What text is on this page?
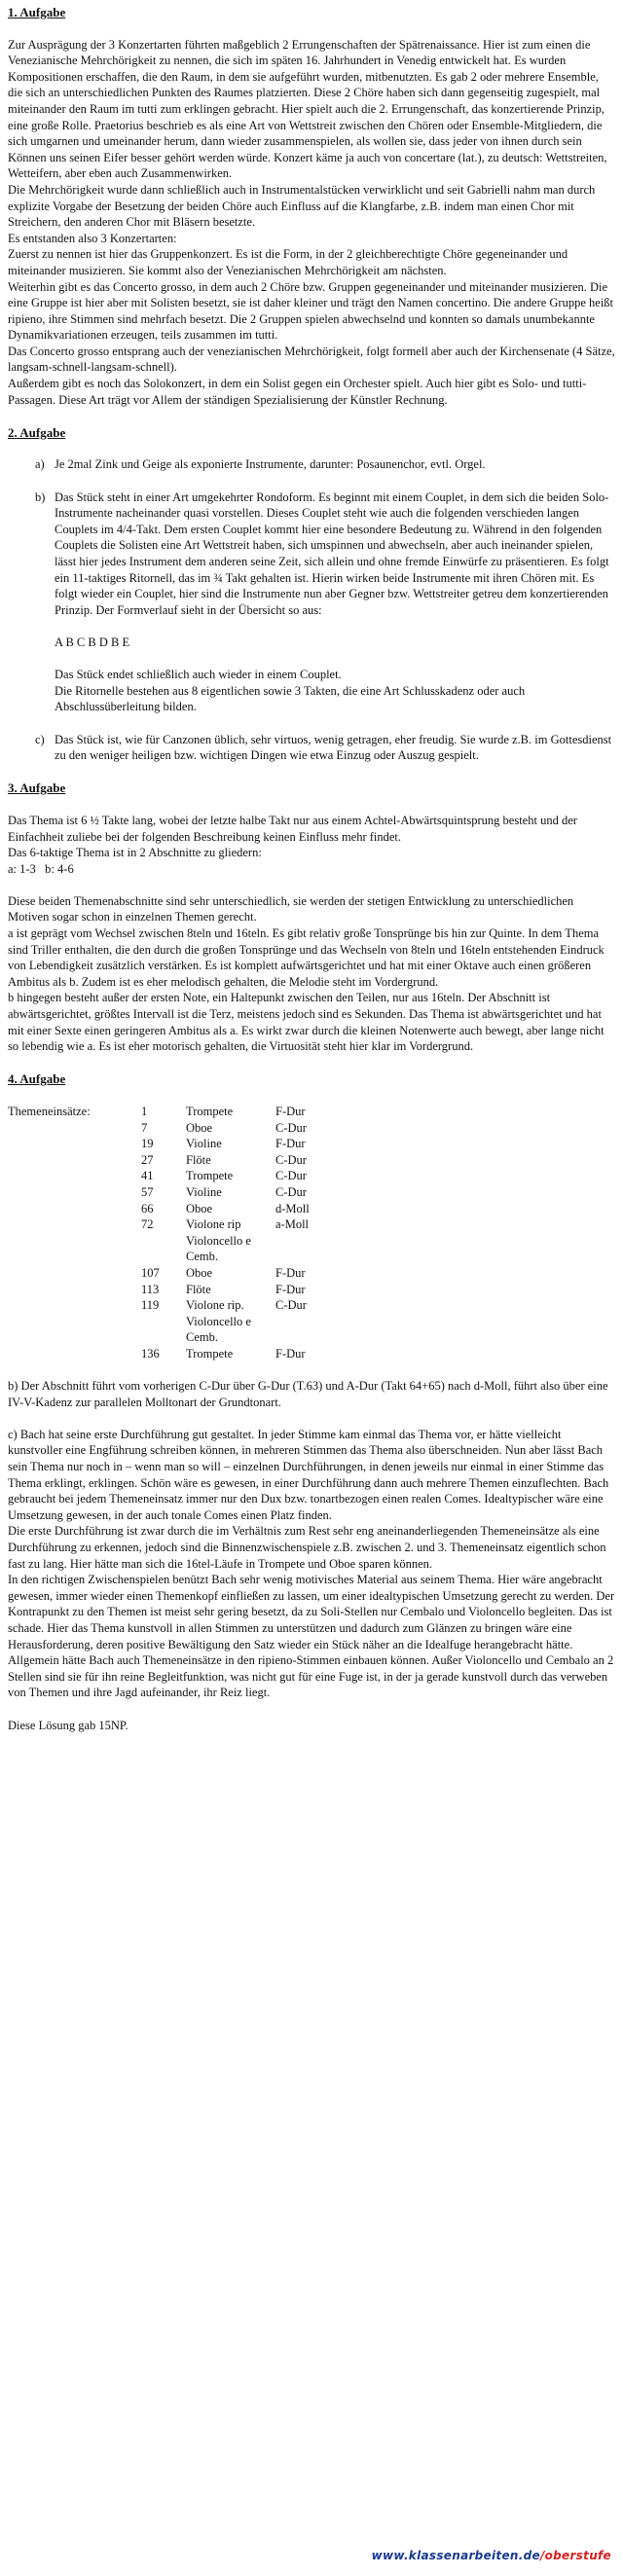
1. Aufgabe

Zur Ausprägung der 3 Konzertarten führten maßgeblich 2 Errungenschaften der Spätrenaissance. Hier ist zum einen die Venezianische Mehrchörigkeit zu nennen, die sich im späten 16. Jahrhundert in Venedig entwickelt hat. Es wurden Kompositionen erschaffen, die den Raum, in dem sie aufgeführt wurden, mitbenutzten. Es gab 2 oder mehrere Ensemble, die sich an unterschiedlichen Punkten des Raumes platzierten. Diese 2 Chöre haben sich dann gegenseitig zugespielt, mal miteinander den Raum im tutti zum erklingen gebracht. Hier spielt auch die 2. Errungenschaft, das konzertierende Prinzip, eine große Rolle. Praetorius beschrieb es als eine Art von Wettstreit zwischen den Chören oder Ensemble-Mitgliedern, die sich umgarnen und umeinander herum, dann wieder zusammenspielen, als wollen sie, dass jeder von ihnen durch sein Können uns seinen Eifer besser gehört werden würde. Konzert käme ja auch von concertare (lat.), zu deutsch: Wettstreiten, Wetteifern, aber eben auch Zusammenwirken.

Die Mehrchörigkeit wurde dann schließlich auch in Instrumentalstücken verwirklicht und seit Gabrielli nahm man durch explizite Vorgabe der Besetzung der beiden Chöre auch Einfluss auf die Klangfarbe, z.B. indem man einen Chor mit Streichern, den anderen Chor mit Bläsern besetzte.

Es entstanden also 3 Konzertarten:

Zuerst zu nennen ist hier das Gruppenkonzert. Es ist die Form, in der 2 gleichberechtigte Chöre gegeneinander und miteinander musizieren. Sie kommt also der Venezianischen Mehrchörigkeit am nächsten.

Weiterhin gibt es das Concerto grosso, in dem auch 2 Chöre bzw. Gruppen gegeneinander und miteinander musizieren. Die eine Gruppe ist hier aber mit Solisten besetzt, sie ist daher kleiner und trägt den Namen concertino. Die andere Gruppe heißt ripieno, ihre Stimmen sind mehrfach besetzt. Die 2 Gruppen spielen abwechselnd und konnten so damals unumbekannte Dynamikvariationen erzeugen, teils zusammen im tutti.

Das Concerto grosso entsprang auch der venezianischen Mehrchörigkeit, folgt formell aber auch der Kirchensenate (4 Sätze, langsam-schnell-langsam-schnell).

Außerdem gibt es noch das Solokonzert, in dem ein Solist gegen ein Orchester spielt. Auch hier gibt es Solo- und tutti-Passagen. Diese Art trägt vor Allem der ständigen Spezialisierung der Künstler Rechnung.

2. Aufgabe

a) Je 2mal Zink und Geige als exponierte Instrumente, darunter: Posaunenchor, evtl. Orgel.
b) Das Stück steht in einer Art umgekehrter Rondoform. Es beginnt mit einem Couplet, in dem sich die beiden Solo-Instrumente nacheinander quasi vorstellen. Dieses Couplet steht wie auch die folgenden verschieden langen Couplets im 4/4-Takt. Dem ersten Couplet kommt hier eine besondere Bedeutung zu. Während in den folgenden Couplets die Solisten eine Art Wettstreit haben, sich umspinnen und abwechseln, aber auch ineinander spielen, lässt hier jedes Instrument dem anderen seine Zeit, sich allein und ohne fremde Einwürfe zu präsentieren. Es folgt ein 11-taktiges Ritornell, das im ¾ Takt gehalten ist. Hierin wirken beide Instrumente mit ihren Chören mit. Es folgt wieder ein Couplet, hier sind die Instrumente nun aber Gegner bzw. Wettstreiter getreu dem konzertierenden Prinzip. Der Formverlauf sieht in der Übersicht so aus:
A B C B D B E
Das Stück endet schließlich auch wieder in einem Couplet.
Die Ritornelle bestehen aus 8 eigentlichen sowie 3 Takten, die eine Art Schlusskadenz oder auch Abschlussüberleitung bilden.
c) Das Stück ist, wie für Canzonen üblich, sehr virtuos, wenig getragen, eher freudig. Sie wurde z.B. im Gottesdienst zu den weniger heiligen bzw. wichtigen Dingen wie etwa Einzug oder Auszug gespielt.

3. Aufgabe

Das Thema ist 6 ½ Takte lang, wobei der letzte halbe Takt nur aus einem Achtel-Abwärtsquintsprung besteht und der Einfachheit zuliebe bei der folgenden Beschreibung keinen Einfluss mehr findet.

Das 6-taktige Thema ist in 2 Abschnitte zu gliedern:

a: 1-3   b: 4-6

Diese beiden Themenabschnitte sind sehr unterschiedlich, sie werden der stetigen Entwicklung zu unterschiedlichen Motiven sogar schon in einzelnen Themen gerecht.

a ist geprägt vom Wechsel zwischen 8teln und 16teln. Es gibt relativ große Tonsprünge bis hin zur Quinte. In dem Thema sind Triller enthalten, die den durch die großen Tonsprünge und das Wechseln von 8teln und 16teln entstehenden Eindruck von Lebendigkeit zusätzlich verstärken. Es ist komplett aufwärtsgerichtet und hat mit einer Oktave auch einen größeren Ambitus als b. Zudem ist es eher melodisch gehalten, die Melodie steht im Vordergrund.

b hingegen besteht außer der ersten Note, ein Haltepunkt zwischen den Teilen, nur aus 16teln. Der Abschnitt ist abwärtsgerichtet, größtes Intervall ist die Terz, meistens jedoch sind es Sekunden. Das Thema ist abwärtsgerichtet und hat mit einer Sexte einen geringeren Ambitus als a. Es wirkt zwar durch die kleinen Notenwerte auch bewegt, aber lange nicht so lebendig wie a. Es ist eher motorisch gehalten, die Virtuosität steht hier klar im Vordergrund.

4. Aufgabe

Themeneinsätze:	1	Trompete	F-Dur
	7	Oboe	C-Dur
	19	Violine	F-Dur
	27	Flöte	C-Dur
	41	Trompete	C-Dur
	57	Violine	C-Dur
	66	Oboe	d-Moll
	72	Violone rip Violoncello e Cemb.	a-Moll
	107	Oboe	F-Dur
	113	Flöte	F-Dur
	119	Violone rip. Violoncello e Cemb.	C-Dur
	136	Trompete	F-Dur

b) Der Abschnitt führt vom vorherigen C-Dur über G-Dur (T.63) und A-Dur (Takt 64+65) nach d-Moll, führt also über eine IV-V-Kadenz zur parallelen Molltonart der Grundtonart.

c) Bach hat seine erste Durchführung gut gestaltet. In jeder Stimme kam einmal das Thema vor, er hätte vielleicht kunstvoller eine Engführung schreiben können, in mehreren Stimmen das Thema also überschneiden. Nun aber lässt Bach sein Thema nur noch in – wenn man so will – einzelnen Durchführungen, in denen jeweils nur einmal in einer Stimme das Thema erklingt, erklingen. Schön wäre es gewesen, in einer Durchführung dann auch mehrere Themen einzuflechten. Bach gebraucht bei jedem Themeneinsatz immer nur den Dux bzw. tonartbezogen einen realen Comes. Idealtypischer wäre eine Umsetzung gewesen, in der auch tonale Comes einen Platz finden.

Die erste Durchführung ist zwar durch die im Verhältnis zum Rest sehr eng aneinanderliegenden Themeneinsätze als eine Durchführung zu erkennen, jedoch sind die Binnenzwischenspiele z.B. zwischen 2. und 3. Themeneinsatz eigentlich schon fast zu lang. Hier hätte man sich die 16tel-Läufe in Trompete und Oboe sparen können.

In den richtigen Zwischenspielen benützt Bach sehr wenig motivisches Material aus seinem Thema. Hier wäre angebracht gewesen, immer wieder einen Themenkopf einfließen zu lassen, um einer idealtypischen Umsetzung gerecht zu werden. Der Kontrapunkt zu den Themen ist meist sehr gering besetzt, da zu Soli-Stellen nur Cembalo und Violoncello begleiten. Das ist schade. Hier das Thema kunstvoll in allen Stimmen zu unterstützen und dadurch zum Glänzen zu bringen wäre eine Herausforderung, deren positive Bewältigung den Satz wieder ein Stück näher an die Idealfuge herangebracht hätte.

Allgemein hätte Bach auch Themeneinsätze in den ripieno-Stimmen einbauen können. Außer Violoncello und Cembalo an 2 Stellen sind sie für ihn reine Begleitfunktion, was nicht gut für eine Fuge ist, in der ja gerade kunstvoll durch das verweben von Themen und ihre Jagd aufeinander, ihr Reiz liegt.

Diese Lösung gab 15NP.

www.klassenarbeiten.de/oberstufe
